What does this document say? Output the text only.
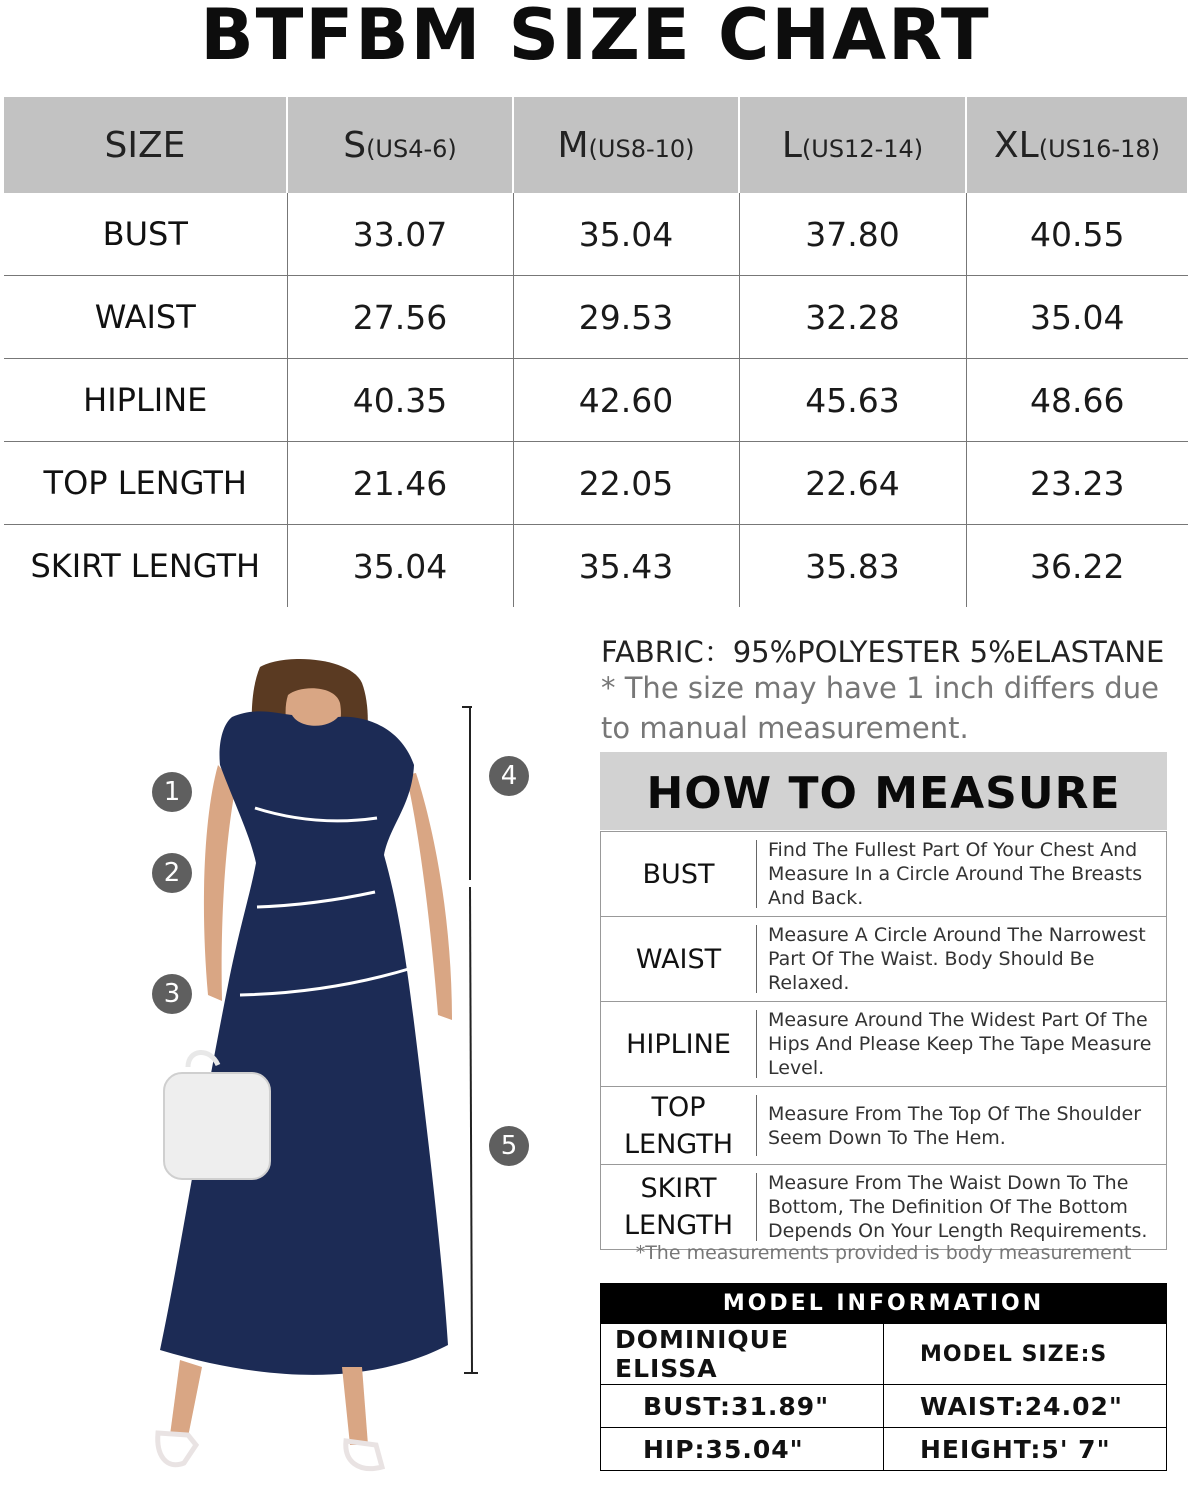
BTFBM SIZE CHART
SIZE	S(US4-6)	M(US8-10)	L(US12-14)	XL(US16-18)
BUST	33.07	35.04	37.80	40.55
WAIST	27.56	29.53	32.28	35.04
HIPLINE	40.35	42.60	45.63	48.66
TOP LENGTH	21.46	22.05	22.64	23.23
SKIRT LENGTH	35.04	35.43	35.83	36.22
1
2
3
4
5
FABRIC：95%POLYESTER 5%ELASTANE
* The size may have 1 inch differs due to manual measurement.
HOW TO MEASURE
BUST	Find The Fullest Part Of Your Chest And Measure In a Circle Around The Breasts And Back.
WAIST	Measure A Circle Around The Narrowest Part Of The Waist. Body Should Be Relaxed.
HIPLINE	Measure Around The Widest Part Of The Hips And Please Keep The Tape Measure Level.
TOP LENGTH	Measure From The Top Of The Shoulder Seem Down To The Hem.
SKIRT LENGTH	Measure From The Waist Down To The Bottom, The Definition Of The Bottom Depends On Your Length Requirements.
*The measurements provided is body measurement
MODEL INFORMATION	
DOMINIQUE ELISSA	MODEL SIZE:S
BUST:31.89"	WAIST:24.02"
HIP:35.04"	HEIGHT:5' 7"
